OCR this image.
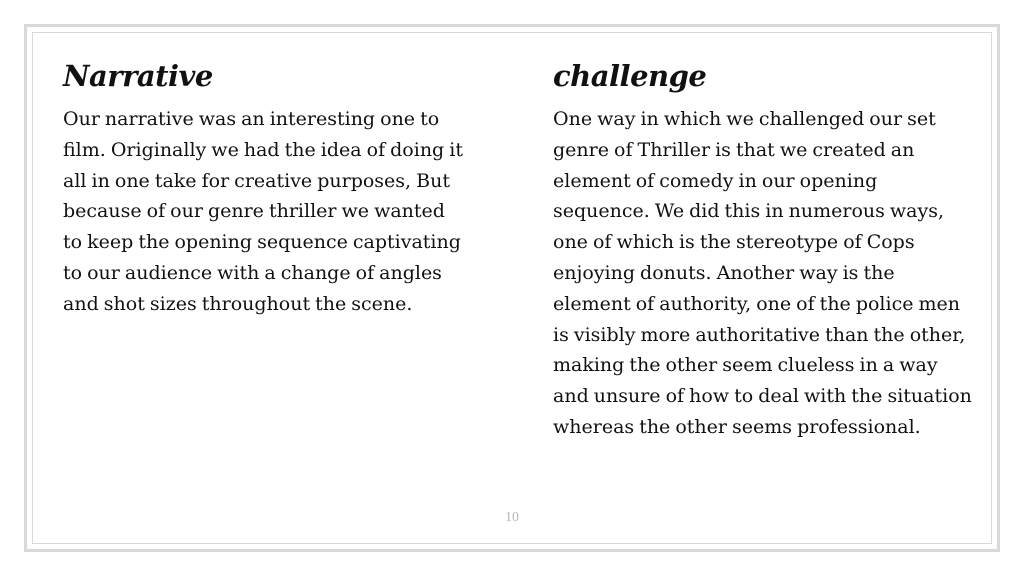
Narrative

Our narrative was an interesting one to film. Originally we had the idea of doing it all in one take for creative purposes, But because of our genre thriller we wanted to keep the opening sequence captivating to our audience with a change of angles and shot sizes throughout the scene.

challenge

One way in which we challenged our set genre of Thriller is that we created an element of comedy in our opening sequence. We did this in numerous ways, one of which is the stereotype of Cops enjoying donuts. Another way is the element of authority, one of the police men is visibly more authoritative than the other, making the other seem clueless in a way and unsure of how to deal with the situation whereas the other seems professional.

10
